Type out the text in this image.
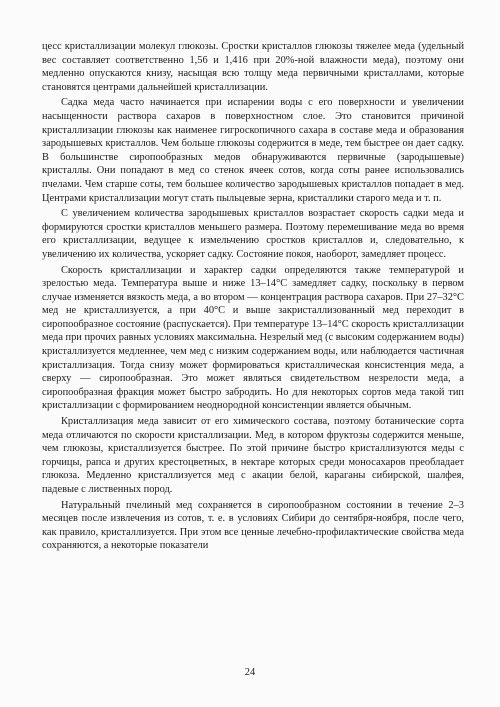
цесс кристаллизации молекул глюкозы. Сростки кристаллов глюкозы тяжелее меда (удельный вес составляет соответственно 1,56 и 1,416 при 20%-ной влажности меда), поэтому они медленно опускаются книзу, насыщая всю толщу меда первичными кристаллами, которые становятся центрами дальнейшей кристаллизации.

Садка меда часто начинается при испарении воды с его поверхности и увеличении насыщенности раствора сахаров в поверхностном слое. Это становится причиной кристаллизации глюкозы как наименее гигроскопичного сахара в составе меда и образования зародышевых кристаллов. Чем больше глюкозы содержится в меде, тем быстрее он дает садку. В большинстве сиропообразных медов обнаруживаются первичные (зародышевые) кристаллы. Они попадают в мед со стенок ячеек сотов, когда соты ранее использовались пчелами. Чем старше соты, тем большее количество зародышевых кристаллов попадает в мед. Центрами кристаллизации могут стать пыльцевые зерна, кристаллики старого меда и т. п.

С увеличением количества зародышевых кристаллов возрастает скорость садки меда и формируются сростки кристаллов меньшего размера. Поэтому перемешивание меда во время его кристаллизации, ведущее к измельчению сростков кристаллов и, следовательно, к увеличению их количества, ускоряет садку. Состояние покоя, наоборот, замедляет процесс.

Скорость кристаллизации и характер садки определяются также температурой и зрелостью меда. Температура выше и ниже 13–14°С замедляет садку, поскольку в первом случае изменяется вязкость меда, а во втором — концентрация раствора сахаров. При 27–32°С мед не кристаллизуется, а при 40°С и выше закристаллизованный мед переходит в сиропообразное состояние (распускается). При температуре 13–14°С скорость кристаллизации меда при прочих равных условиях максимальна. Незрелый мед (с высоким содержанием воды) кристаллизуется медленнее, чем мед с низким содержанием воды, или наблюдается частичная кристаллизация. Тогда снизу может формироваться кристаллическая консистенция меда, а сверху — сиропообразная. Это может являться свидетельством незрелости меда, а сиропообразная фракция может быстро забродить. Но для некоторых сортов меда такой тип кристаллизации с формированием неоднородной консистенции является обычным.

Кристаллизация меда зависит от его химического состава, поэтому ботанические сорта меда отличаются по скорости кристаллизации. Мед, в котором фруктозы содержится меньше, чем глюкозы, кристаллизуется быстрее. По этой причине быстро кристаллизуются меды с горчицы, рапса и других крестоцветных, в нектаре которых среди моносахаров преобладает глюкоза. Медленно кристаллизуется мед с акации белой, караганы сибирской, шалфея, падевые с лиственных пород.

Натуральный пчелиный мед сохраняется в сиропообразном состоянии в течение 2–3 месяцев после извлечения из сотов, т. е. в условиях Сибири до сентября-ноября, после чего, как правило, кристаллизуется. При этом все ценные лечебно-профилактические свойства меда сохраняются, а некоторые показатели

24
